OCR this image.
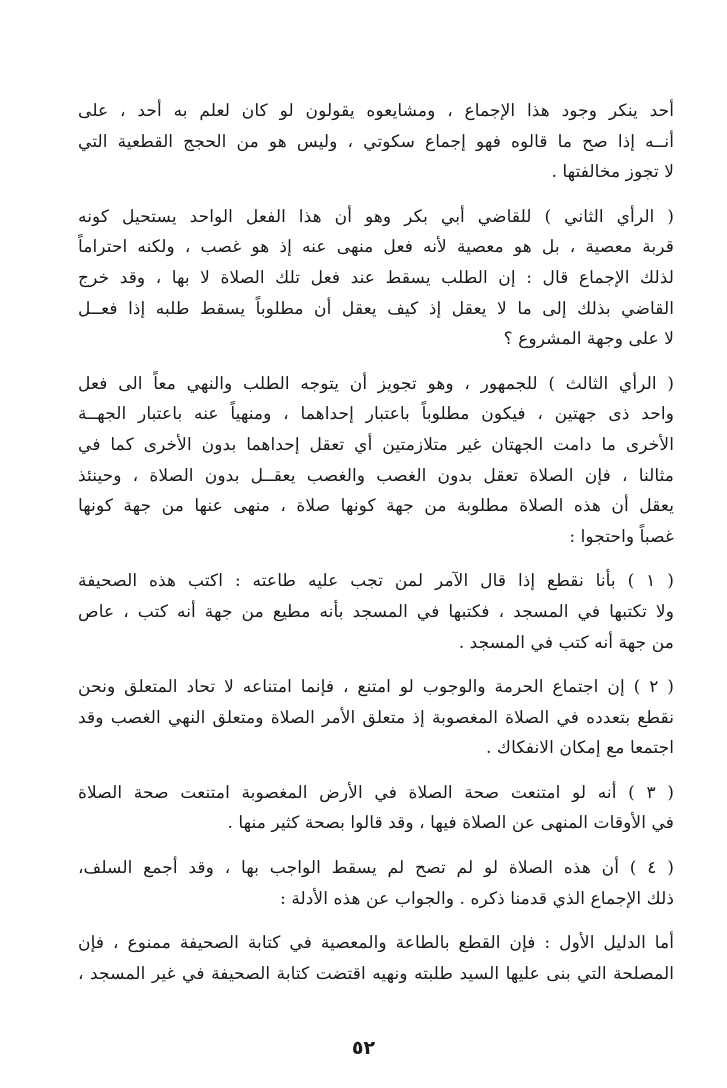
أحد ينكر وجود هذا الإجماع ، ومشايعوه يقولون لو كان لعلم به أحد ، على
أنــه إذا صح ما قالوه فهو إجماع سكوتي ، وليس هو من الحجج القطعية التي
لا تجوز مخالفتها .
( الرأي الثاني ) للقاضي أبي بكر وهو أن هذا الفعل الواحد يستحيل كونه
قربة معصية ، بل هو معصية لأنه فعل منهى عنه إذ هو غصب ، ولكنه احتراماً
لذلك الإجماع قال : إن الطلب يسقط عند فعل تلك الصلاة لا بها ، وقد خرج
القاضي بذلك إلى ما لا يعقل إذ كيف يعقل أن مطلوباً يسقط طلبه إذا فعــل
لا على وجهة المشروع ؟
( الرأي الثالث ) للجمهور ، وهو تجويز أن يتوجه الطلب والنهي معاً الى فعل
واحد ذى جهتين ، فيكون مطلوباً باعتبار إحداهما ، ومنهياً عنه باعتبار الجهــة
الأخرى ما دامت الجهتان غير متلازمتين أي تعقل إحداهما بدون الأخرى كما في
مثالنا ، فإن الصلاة تعقل بدون الغصب والغصب يعقــل بدون الصلاة ، وحينئذ
يعقل أن هذه الصلاة مطلوبة من جهة كونها صلاة ، منهى عنها من جهة كونها
غصباً واحتجوا :
( ١ ) بأنا نقطع إذا قال الآمر لمن تجب عليه طاعته : اكتب هذه الصحيفة
ولا تكتبها في المسجد ، فكتبها في المسجد بأنه مطيع من جهة أنه كتب ، عاص
من جهة أنه كتب في المسجد .
( ٢ ) إن اجتماع الحرمة والوجوب لو امتنع ، فإنما امتناعه لا تحاد المتعلق ونحن
نقطع بتعدده في الصلاة المغصوبة إذ متعلق الأمر الصلاة ومتعلق النهي الغصب وقد
اجتمعا مع إمكان الانفكاك .
( ٣ ) أنه لو امتنعت صحة الصلاة في الأرض المغصوبة امتنعت صحة الصلاة
في الأوقات المنهى عن الصلاة فيها ، وقد قالوا بصحة كثير منها .
( ٤ ) أن هذه الصلاة لو لم تصح لم يسقط الواجب بها ، وقد أجمع السلف،
ذلك الإجماع الذي قدمنا ذكره . والجواب عن هذه الأدلة :
أما الدليل الأول : فإن القطع بالطاعة والمعصية في كتابة الصحيفة ممنوع ، فإن
المصلحة التي بنى عليها السيد طلبته ونهيه اقتضت كتابة الصحيفة في غير المسجد ،
٥٢
